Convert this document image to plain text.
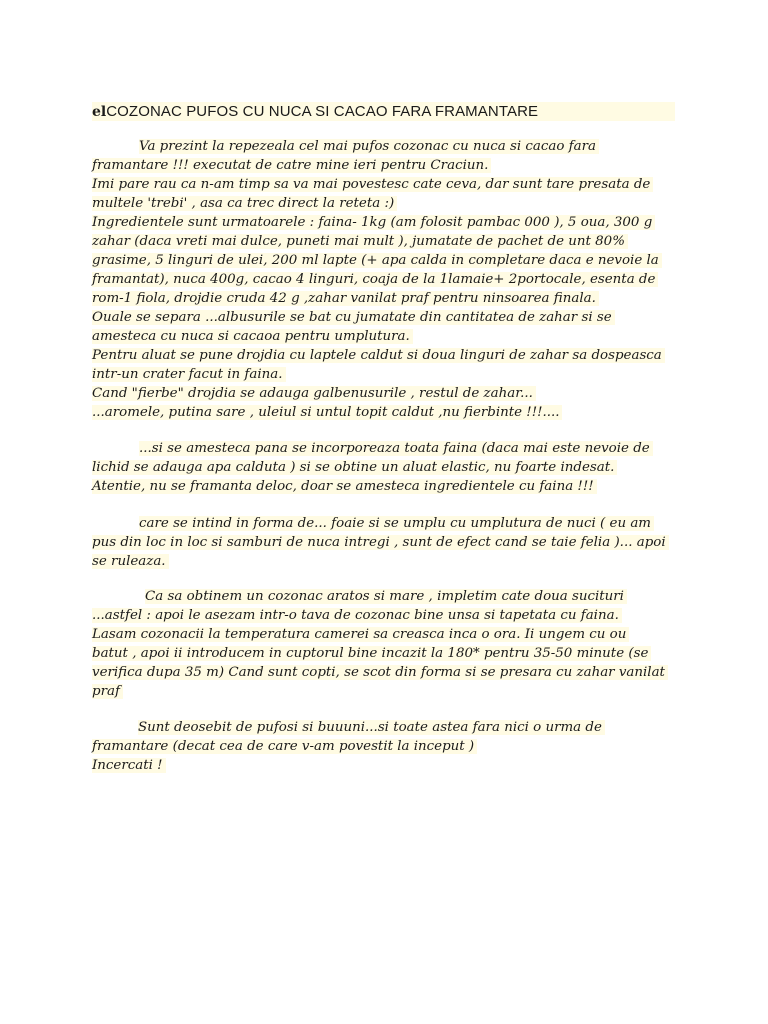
elCOZONAC PUFOS CU NUCA SI CACAO FARA FRAMANTARE
Va prezint la repezeala cel mai pufos cozonac cu nuca si cacao fara
framantare !!! executat de catre mine ieri pentru Craciun.
Imi pare rau ca n-am timp sa va mai povestesc cate ceva, dar sunt tare presata de
multele 'trebi' , asa ca trec direct la reteta :)
Ingredientele sunt urmatoarele : faina- 1kg (am folosit pambac 000 ), 5 oua, 300 g
zahar (daca vreti mai dulce, puneti mai mult ), jumatate de pachet de unt 80%
grasime, 5 linguri de ulei, 200 ml lapte (+ apa calda in completare daca e nevoie la
framantat), nuca 400g, cacao 4 linguri, coaja de la 1lamaie+ 2portocale, esenta de
rom-1 fiola, drojdie cruda 42 g ,zahar vanilat praf pentru ninsoarea finala.
Ouale se separa ...albusurile se bat cu jumatate din cantitatea de zahar si se
amesteca cu nuca si cacaoa pentru umplutura.
Pentru aluat se pune drojdia cu laptele caldut si doua linguri de zahar sa dospeasca
intr-un crater facut in faina.
Cand "fierbe" drojdia se adauga galbenusurile , restul de zahar...
...aromele, putina sare , uleiul si untul topit caldut ,nu fierbinte !!!....
...si se amesteca pana se incorporeaza toata faina (daca mai este nevoie de
lichid se adauga apa calduta ) si se obtine un aluat elastic, nu foarte indesat.
Atentie, nu se framanta deloc, doar se amesteca ingredientele cu faina !!!
care se intind in forma de... foaie si se umplu cu umplutura de nuci ( eu am
pus din loc in loc si samburi de nuca intregi , sunt de efect cand se taie felia )... apoi
se ruleaza.
Ca sa obtinem un cozonac aratos si mare , impletim cate doua suciturі
...astfel : apoi le asezam intr-o tava de cozonac bine unsa si tapetata cu faina.
Lasam cozonacii la temperatura camerei sa creasca inca o ora. Ii ungem cu ou
batut , apoi ii introducem in cuptorul bine incazit la 180* pentru 35-50 minute (se
verifica dupa 35 m) Cand sunt copti, se scot din forma si se presara cu zahar vanilat
praf
Sunt deosebit de pufosi si buuuni...si toate astea fara nici o urma de
framantare (decat cea de care v-am povestit la inceput )
Incercati !
